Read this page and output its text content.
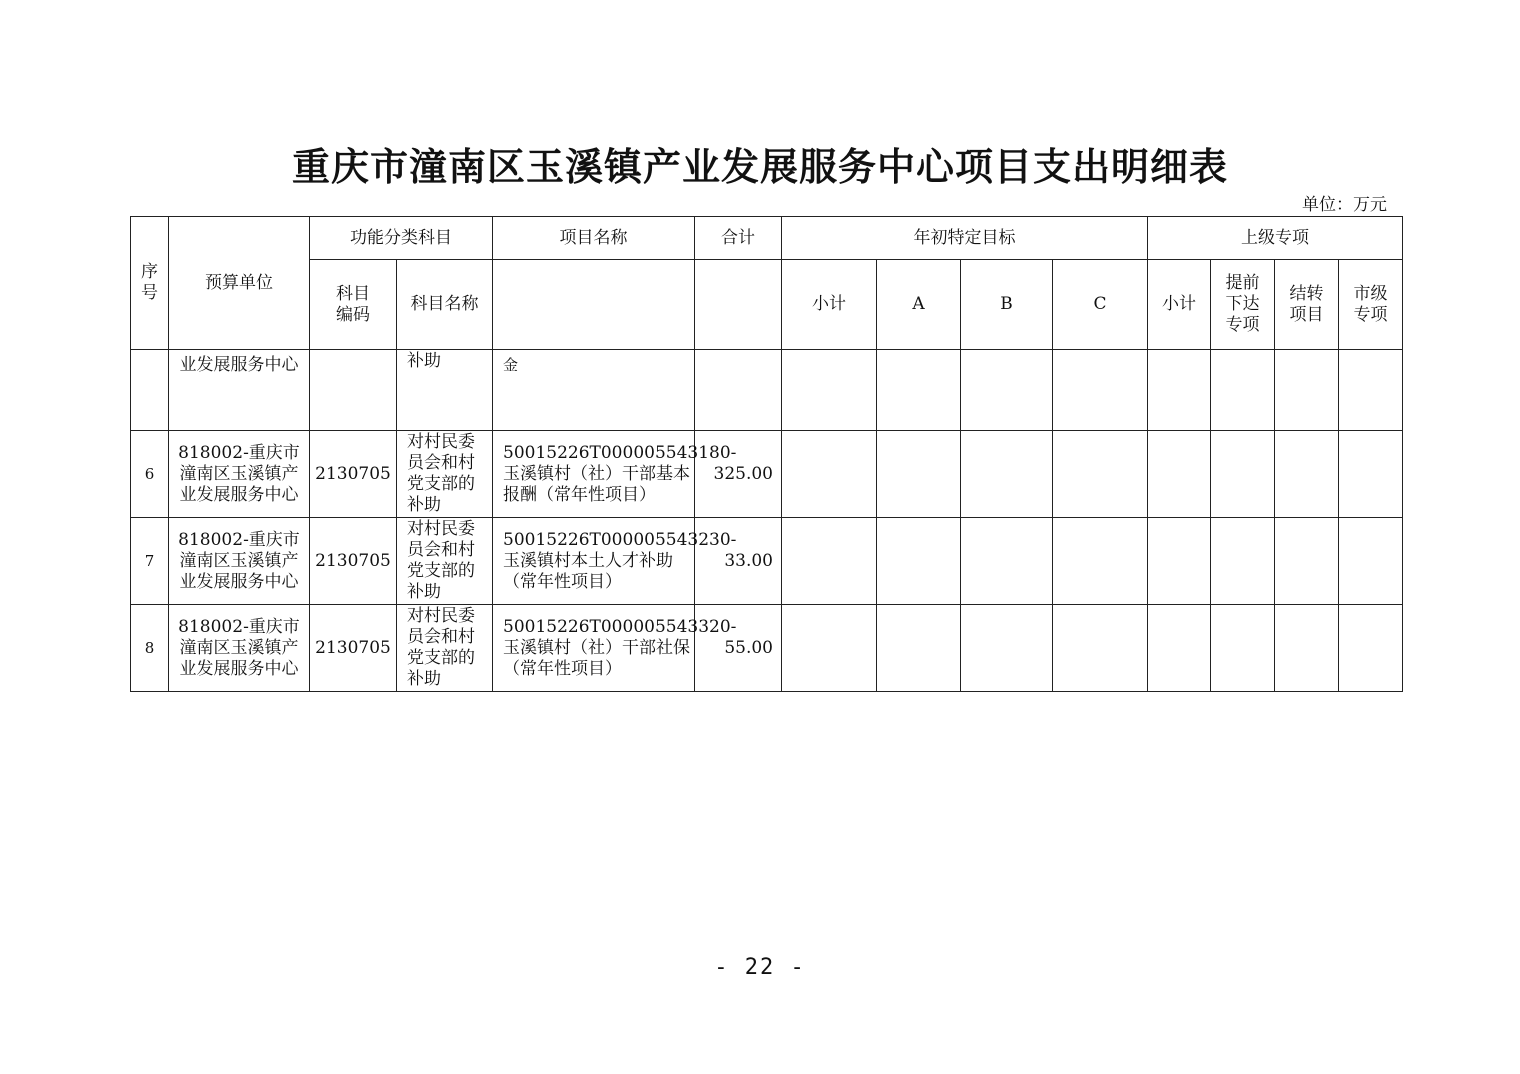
重庆市潼南区玉溪镇产业发展服务中心项目支出明细表
单位：万元
序号	预算单位	功能分类科目		项目名称	合计	年初特定目标				上级专项			
		科目编码	科目名称			小计	A	B	C	小计	提前下达专项	结转项目	市级专项
	业发展服务中心		补助	金									
6	818002-重庆市潼南区玉溪镇产业发展服务中心	2130705	对村民委员会和村党支部的补助	50015226T000005543180-玉溪镇村（社）干部基本报酬（常年性项目）	325.00								
7	818002-重庆市潼南区玉溪镇产业发展服务中心	2130705	对村民委员会和村党支部的补助	50015226T000005543230-玉溪镇村本土人才补助（常年性项目）	33.00								
8	818002-重庆市潼南区玉溪镇产业发展服务中心	2130705	对村民委员会和村党支部的补助	50015226T000005543320-玉溪镇村（社）干部社保（常年性项目）	55.00								
- 22 -
